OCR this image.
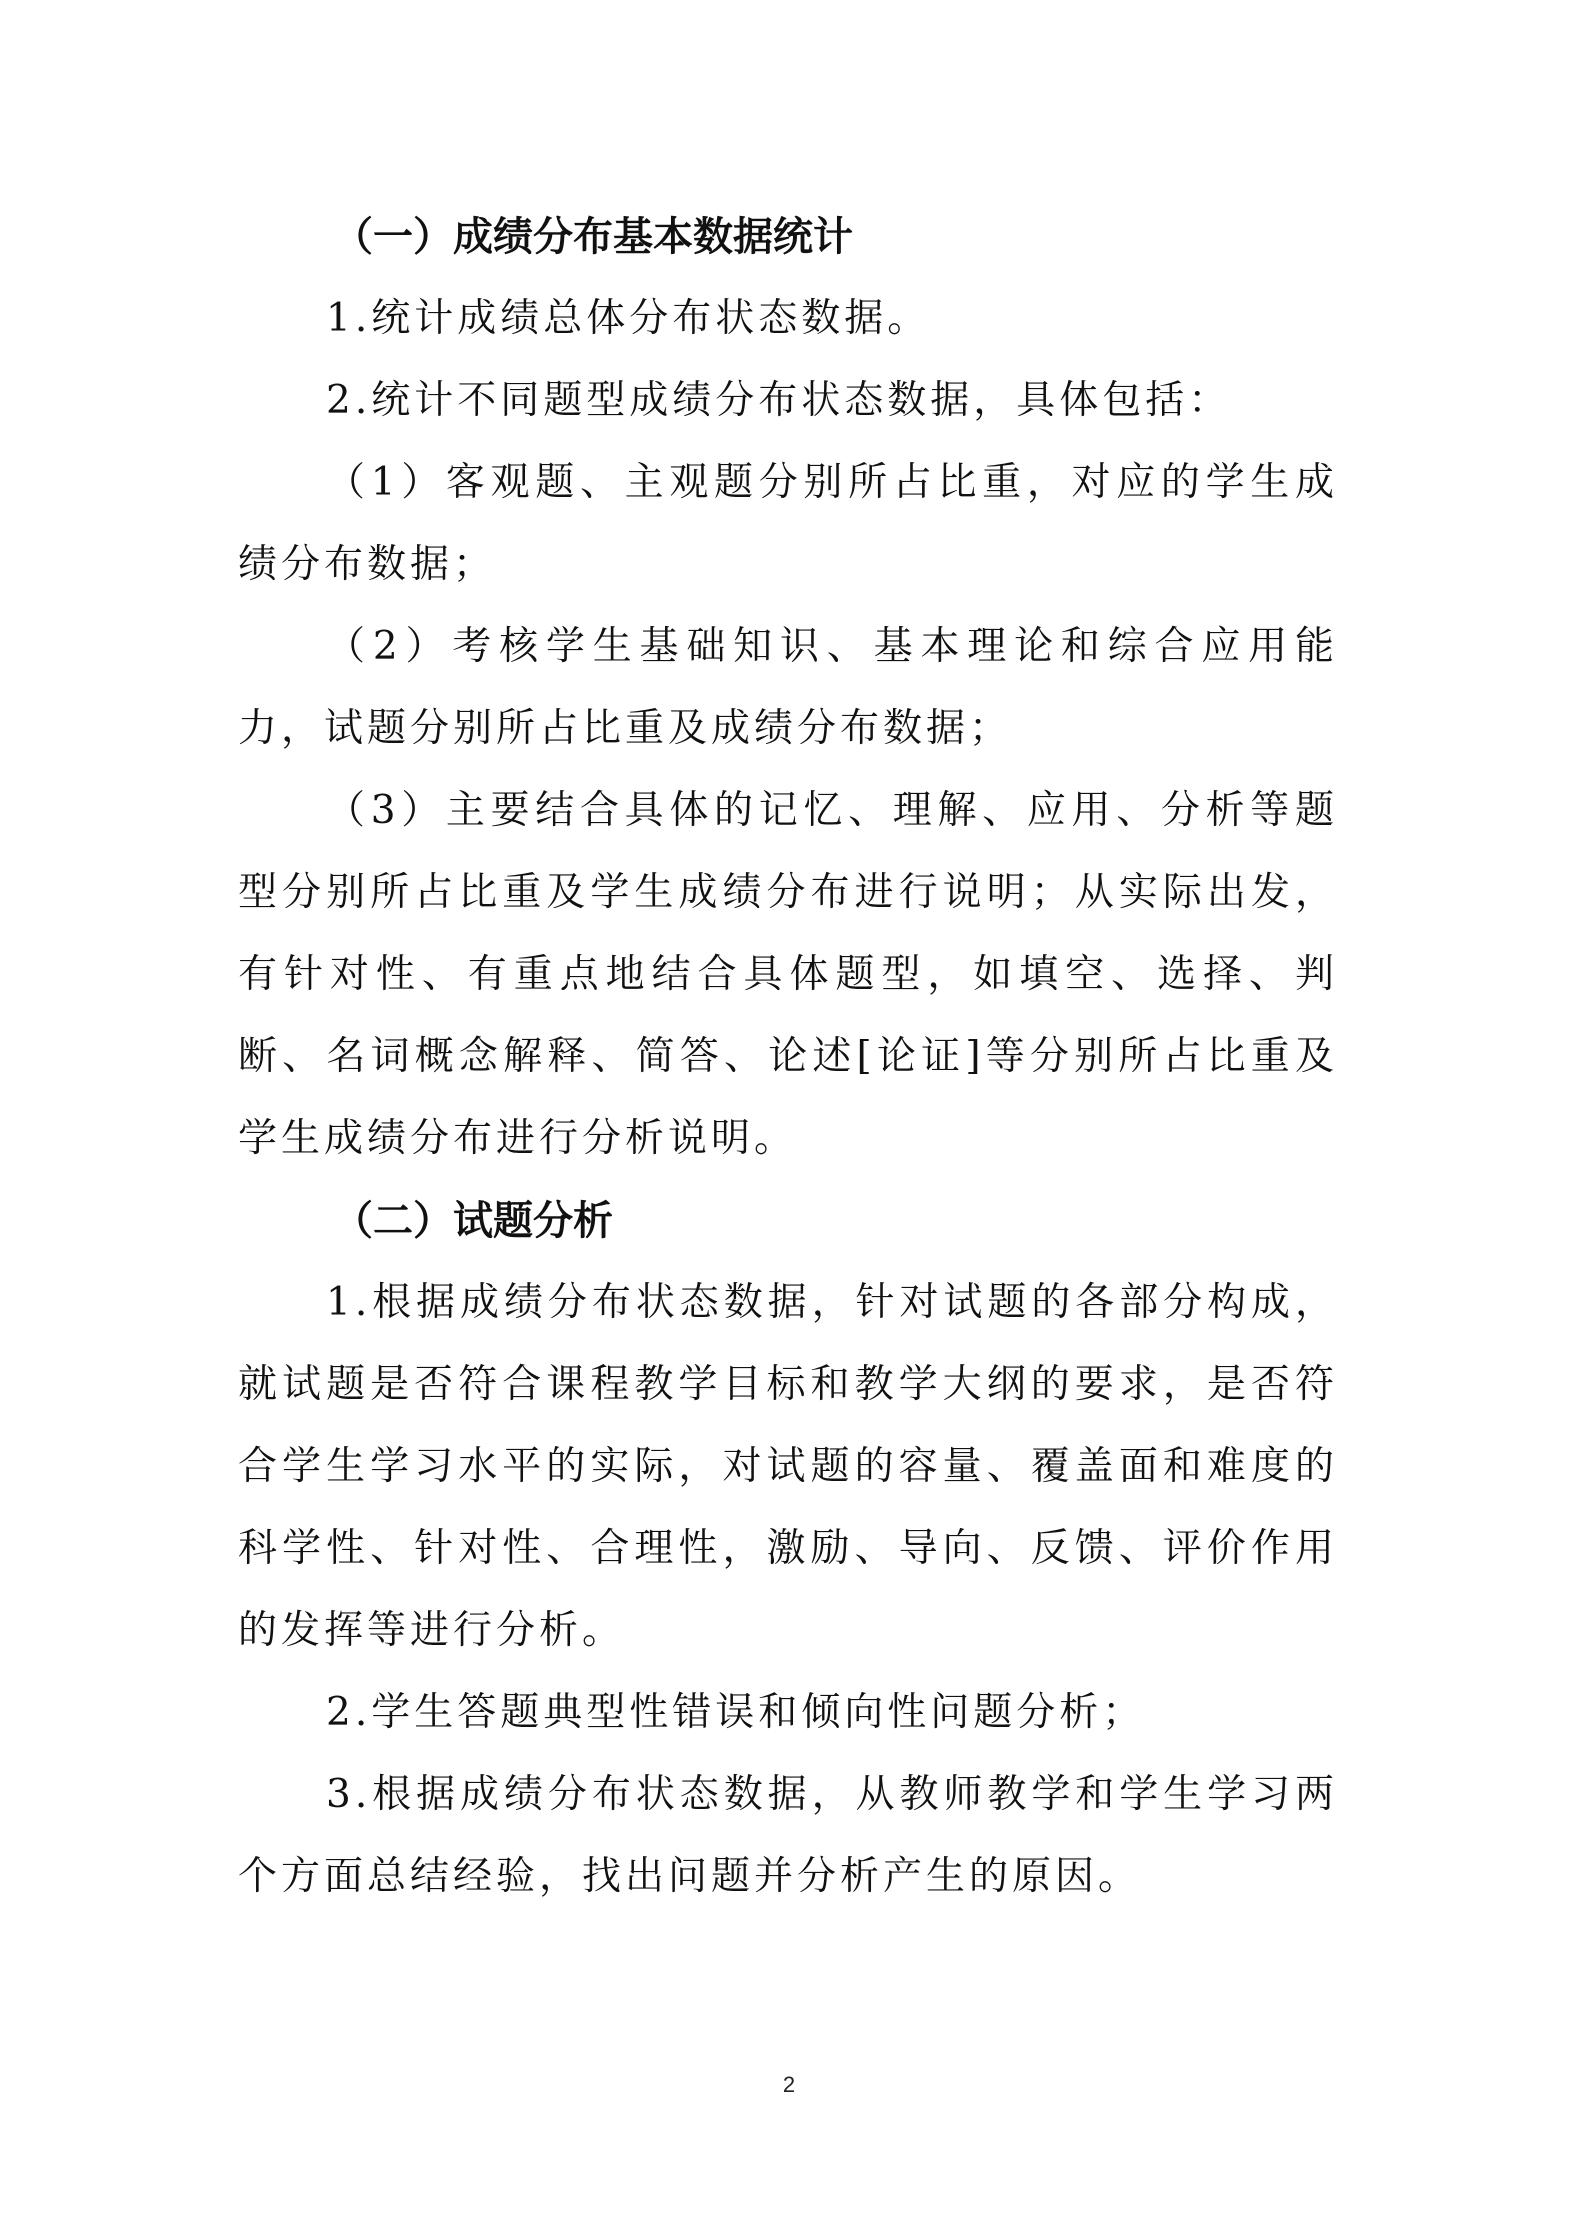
（一）成绩分布基本数据统计

1.统计成绩总体分布状态数据。

2.统计不同题型成绩分布状态数据，具体包括：

（1）客观题、主观题分别所占比重，对应的学生成绩分布数据；

（2）考核学生基础知识、基本理论和综合应用能力，试题分别所占比重及成绩分布数据；

（3）主要结合具体的记忆、理解、应用、分析等题型分别所占比重及学生成绩分布进行说明；从实际出发，有针对性、有重点地结合具体题型，如填空、选择、判断、名词概念解释、简答、论述[论证]等分别所占比重及学生成绩分布进行分析说明。

（二）试题分析

1.根据成绩分布状态数据，针对试题的各部分构成，就试题是否符合课程教学目标和教学大纲的要求，是否符合学生学习水平的实际，对试题的容量、覆盖面和难度的科学性、针对性、合理性，激励、导向、反馈、评价作用的发挥等进行分析。

2.学生答题典型性错误和倾向性问题分析；

3.根据成绩分布状态数据，从教师教学和学生学习两个方面总结经验，找出问题并分析产生的原因。

2
